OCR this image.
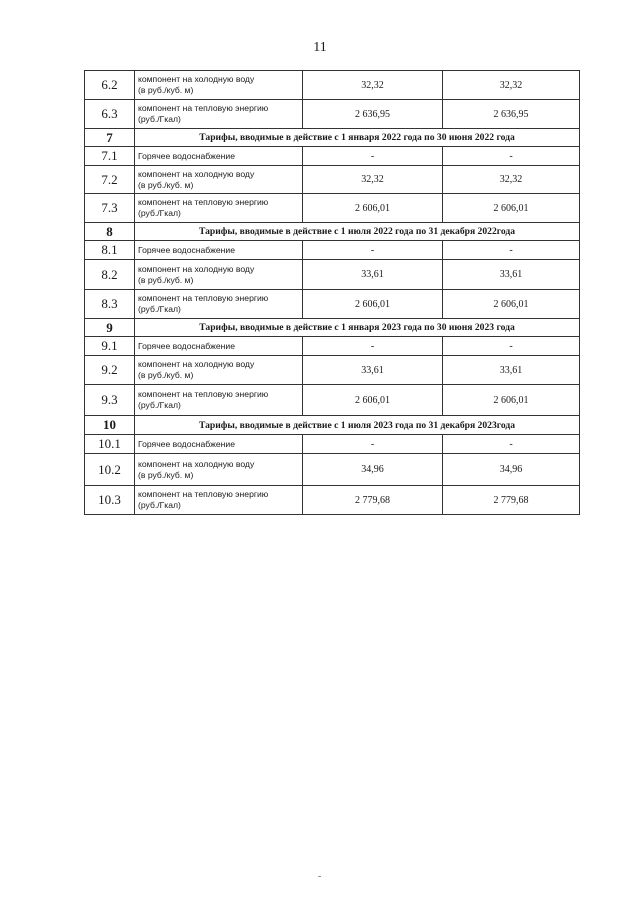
11
6.2	компонент на холодную воду
(в руб./куб. м)	32,32	32,32
6.3	компонент на тепловую энергию
(руб./Гкал)	2 636,95	2 636,95
7	Тарифы, вводимые в действие с 1 января 2022 года по 30 июня 2022 года		
7.1	Горячее водоснабжение	-	-
7.2	компонент на холодную воду
(в руб./куб. м)	32,32	32,32
7.3	компонент на тепловую энергию
(руб./Гкал)	2 606,01	2 606,01
8	Тарифы, вводимые в действие с 1 июля 2022 года по 31 декабря 2022года		
8.1	Горячее водоснабжение	-	-
8.2	компонент на холодную воду
(в руб./куб. м)	33,61	33,61
8.3	компонент на тепловую энергию
(руб./Гкал)	2 606,01	2 606,01
9	Тарифы, вводимые в действие с 1 января 2023 года по 30 июня 2023 года		
9.1	Горячее водоснабжение	-	-
9.2	компонент на холодную воду
(в руб./куб. м)	33,61	33,61
9.3	компонент на тепловую энергию
(руб./Гкал)	2 606,01	2 606,01
10	Тарифы, вводимые в действие с 1 июля 2023 года по 31 декабря 2023года		
10.1	Горячее водоснабжение	-	-
10.2	компонент на холодную воду
(в руб./куб. м)	34,96	34,96
10.3	компонент на тепловую энергию
(руб./Гкал)	2 779,68	2 779,68
